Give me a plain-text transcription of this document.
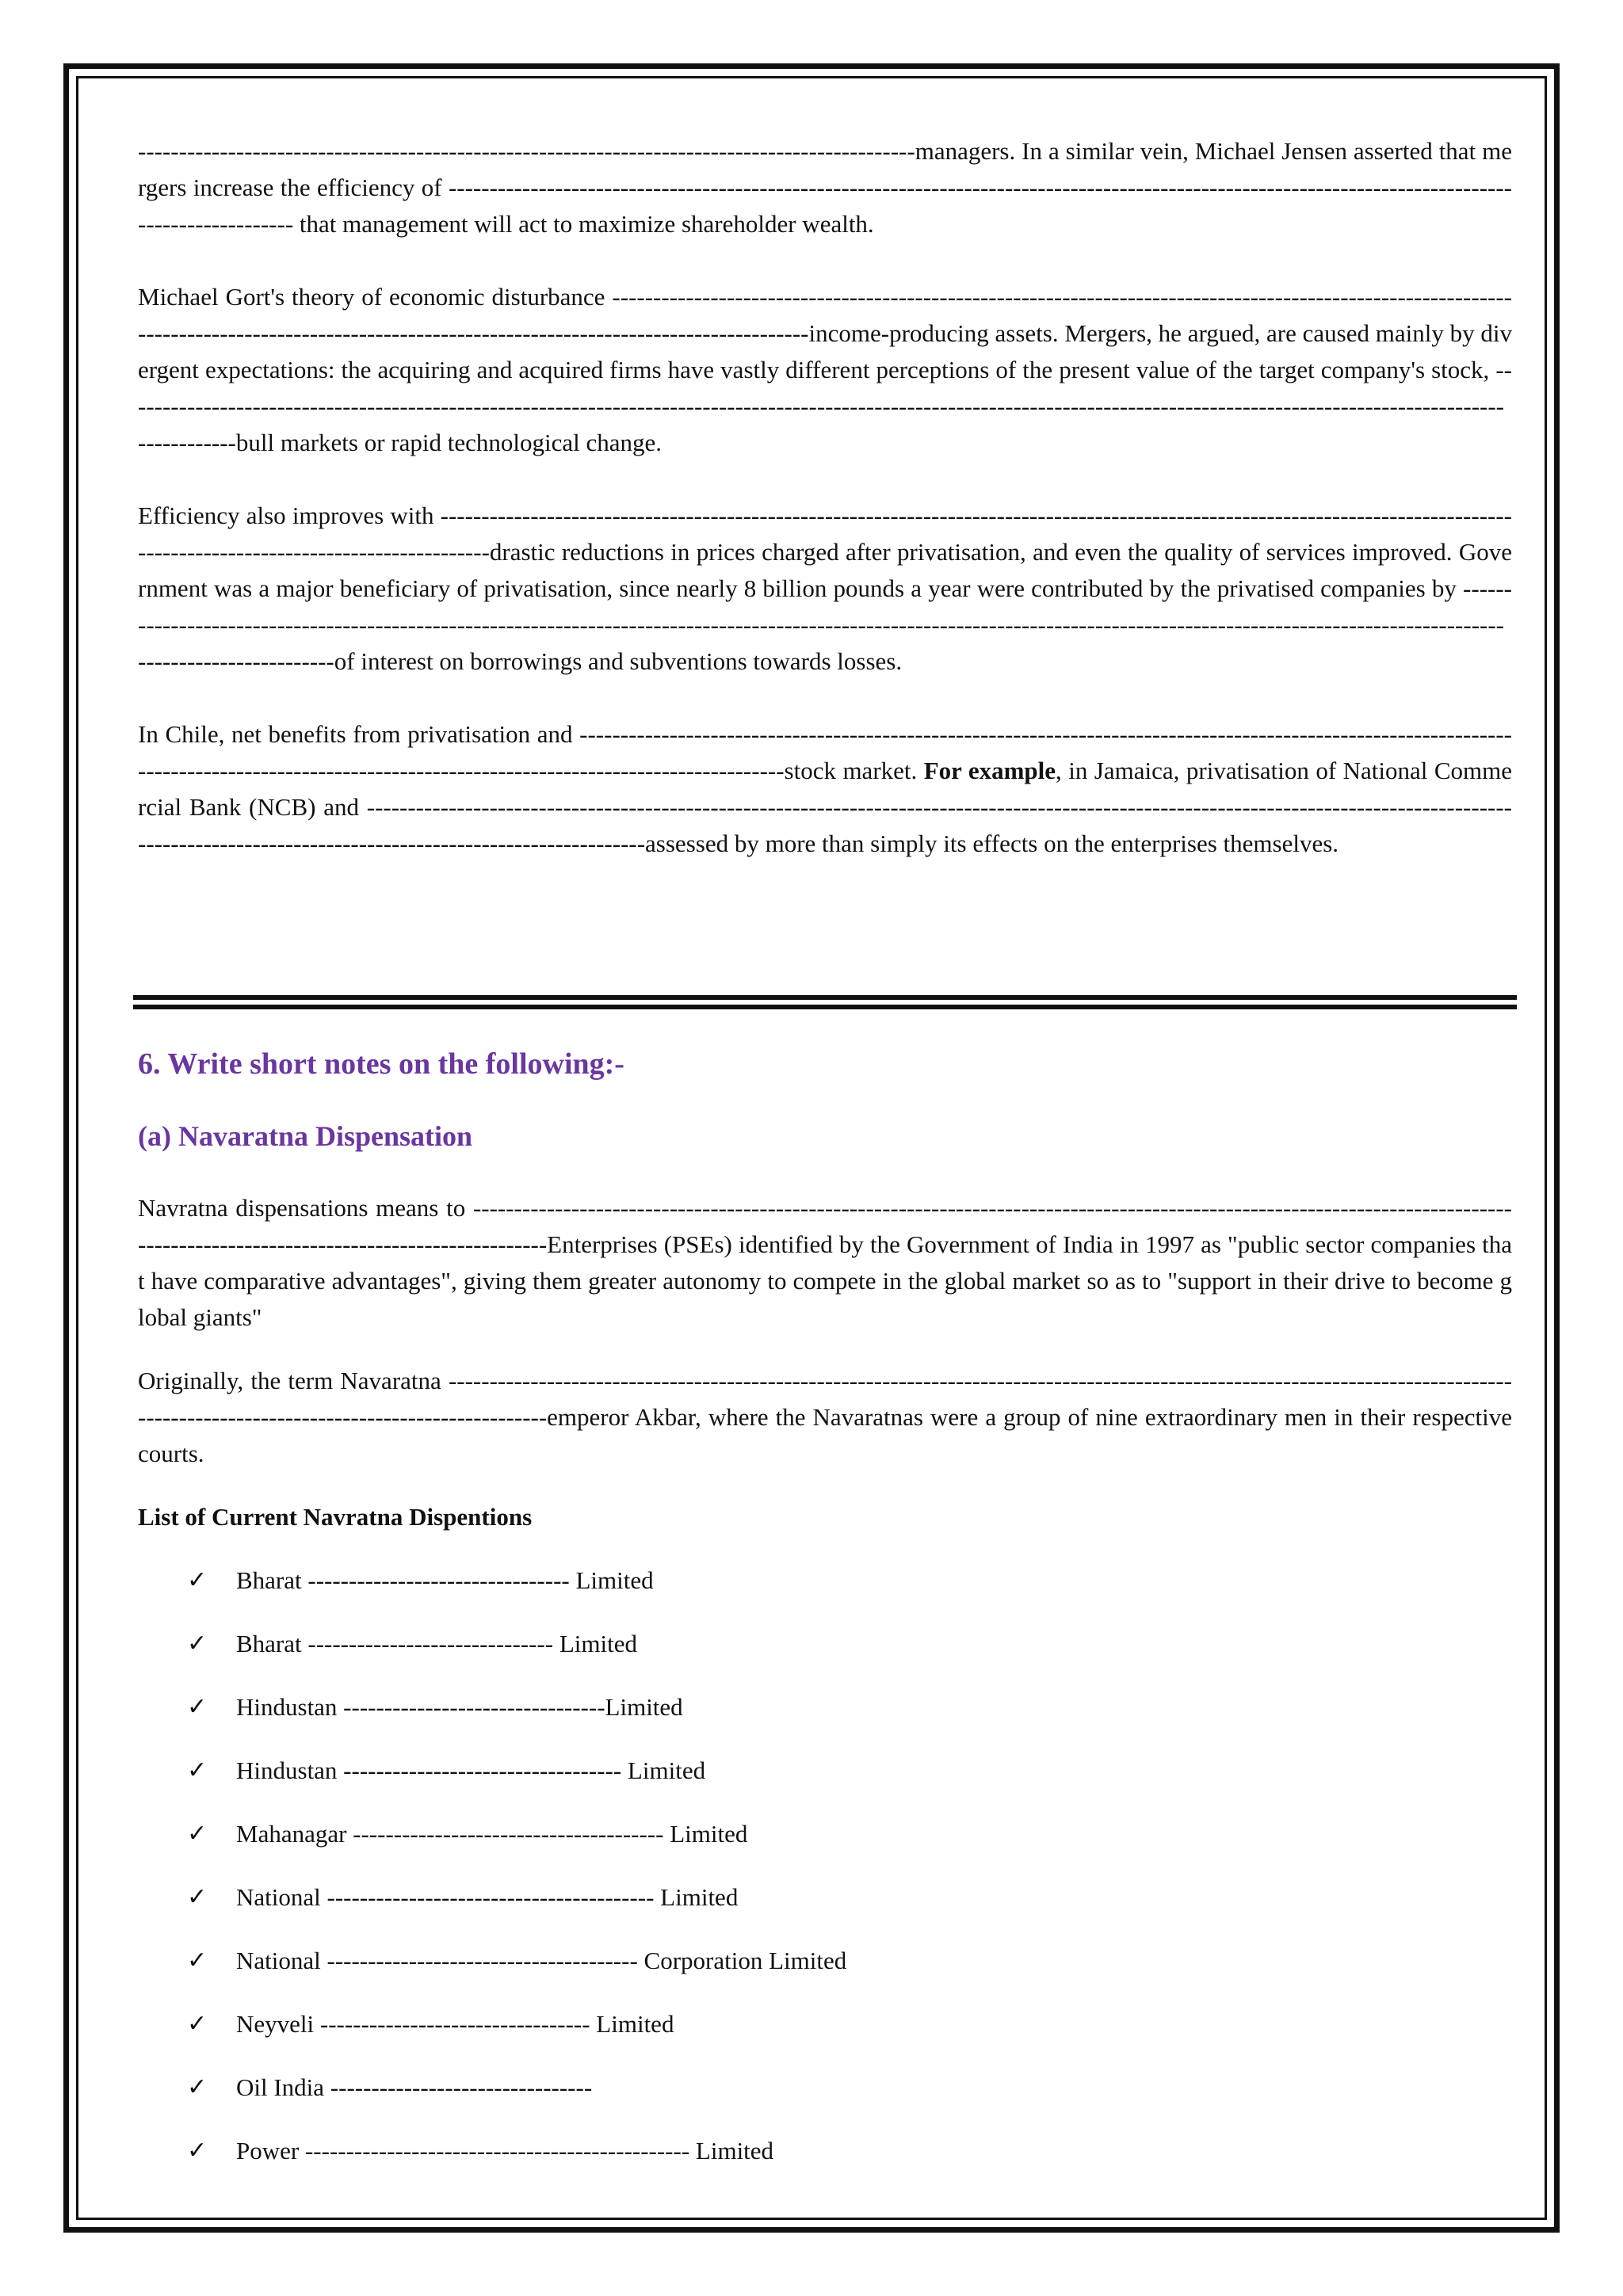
-----------------------------------------------------------------------------------------------managers. In a similar vein, Michael Jensen asserted that mergers increase the efficiency of ----------------------------------------------------------------------------------------------------------------------------------------------------- that management will act to maximize shareholder wealth.

Michael Gort's theory of economic disturbance ------------------------------------------------------------------------------------------------------------------------------------------------------------------------------------------------income-producing assets. Mergers, he argued, are caused mainly by divergent expectations: the acquiring and acquired firms have vastly different perceptions of the present value of the target company's stock, -------------------------------------------------------------------------------------------------------------------------------------------------------------------------------------bull markets or rapid technological change.

Efficiency also improves with ------------------------------------------------------------------------------------------------------------------------------------------------------------------------------drastic reductions in prices charged after privatisation, and even the quality of services improved. Government was a major beneficiary of privatisation, since nearly 8 billion pounds a year were contributed by the privatised companies by -----------------------------------------------------------------------------------------------------------------------------------------------------------------------------------------------------of interest on borrowings and subventions towards losses.

In Chile, net benefits from privatisation and -------------------------------------------------------------------------------------------------------------------------------------------------------------------------------------------------stock market. For example, in Jamaica, privatisation of National Commercial Bank (NCB) and ----------------------------------------------------------------------------------------------------------------------------------------------------------------------------------------------------------assessed by more than simply its effects on the enterprises themselves.

6. Write short notes on the following:-
(a) Navaratna Dispensation

Navratna dispensations means to ---------------------------------------------------------------------------------------------------------------------------------------------------------------------------------Enterprises (PSEs) identified by the Government of India in 1997 as "public sector companies that have comparative advantages", giving them greater autonomy to compete in the global market so as to "support in their drive to become global giants"

Originally, the term Navaratna ------------------------------------------------------------------------------------------------------------------------------------------------------------------------------------emperor Akbar, where the Navaratnas were a group of nine extraordinary men in their respective courts.

List of Current Navratna Dispentions

✓ Bharat -------------------------------- Limited
✓ Bharat ------------------------------ Limited
✓ Hindustan --------------------------------Limited
✓ Hindustan ---------------------------------- Limited
✓ Mahanagar -------------------------------------- Limited
✓ National ---------------------------------------- Limited
✓ National -------------------------------------- Corporation Limited
✓ Neyveli --------------------------------- Limited
✓ Oil India --------------------------------
✓ Power ----------------------------------------------- Limited
